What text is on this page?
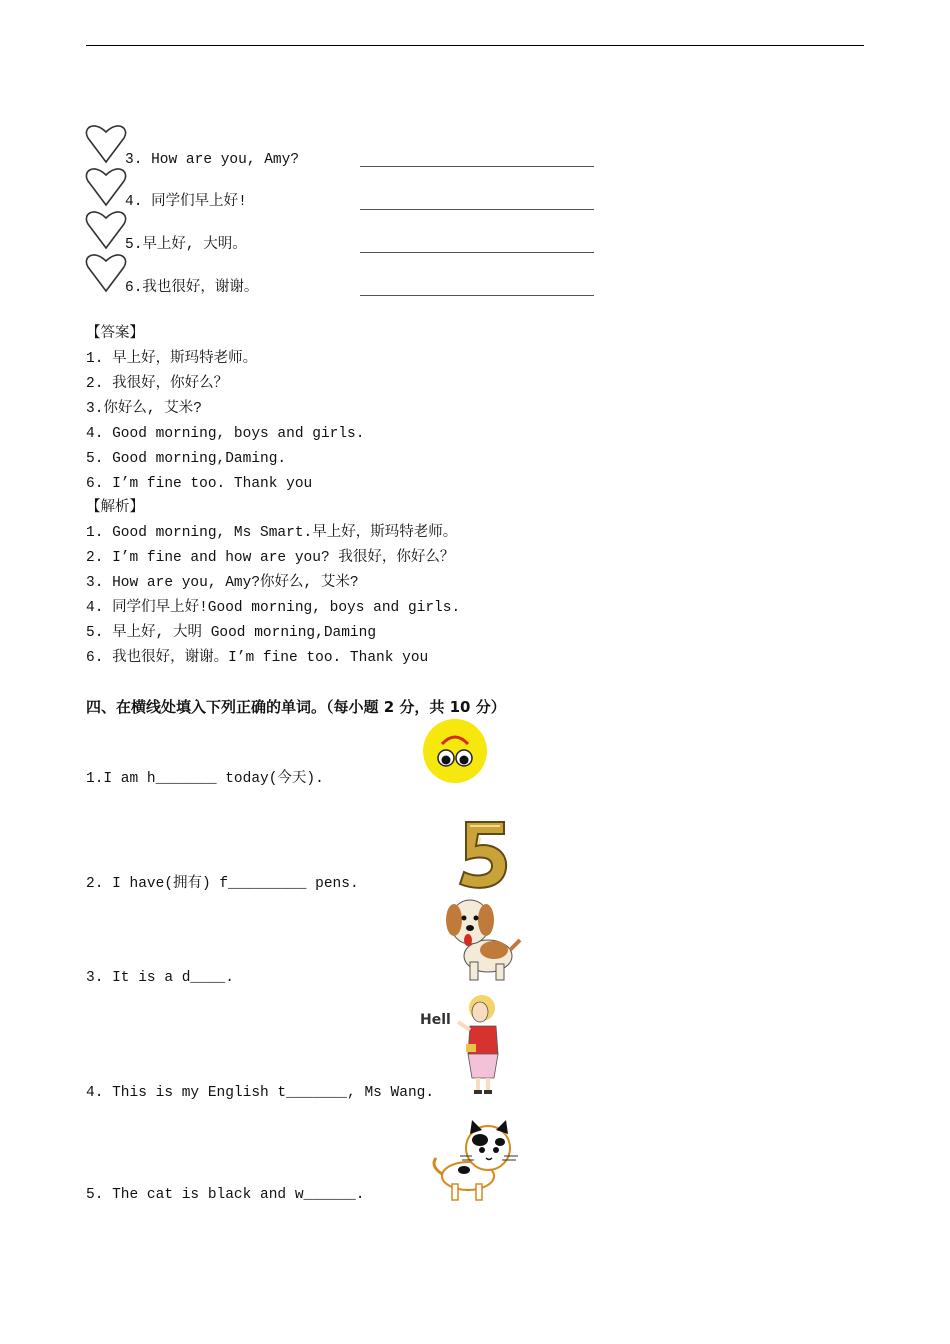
3. How are you, Amy?
4. 同学们早上好!
5.早上好, 大明。
6.我也很好，谢谢。
【答案】
1. 早上好，斯玛特老师。
2. 我很好，你好么？
3.你好么, 艾米?
4. Good morning, boys and girls.
5. Good morning,Daming.
6. I’m fine too. Thank you
【解析】
1. Good morning, Ms Smart.早上好，斯玛特老师。
2. I’m fine and how are you? 我很好，你好么？
3. How are you, Amy?你好么, 艾米?
4. 同学们早上好!Good morning, boys and girls.
5. 早上好, 大明 Good morning,Daming
6. 我也很好，谢谢。I’m fine too. Thank you
四、在横线处填入下列正确的单词。（每小题 2 分，共 10 分）
1.I am h_______ today(今天).
2. I have(拥有) f_________ pens.
3. It is a d____.
4. This is my English t_______, Ms Wang.
5. The cat is black and w______.
Hell
